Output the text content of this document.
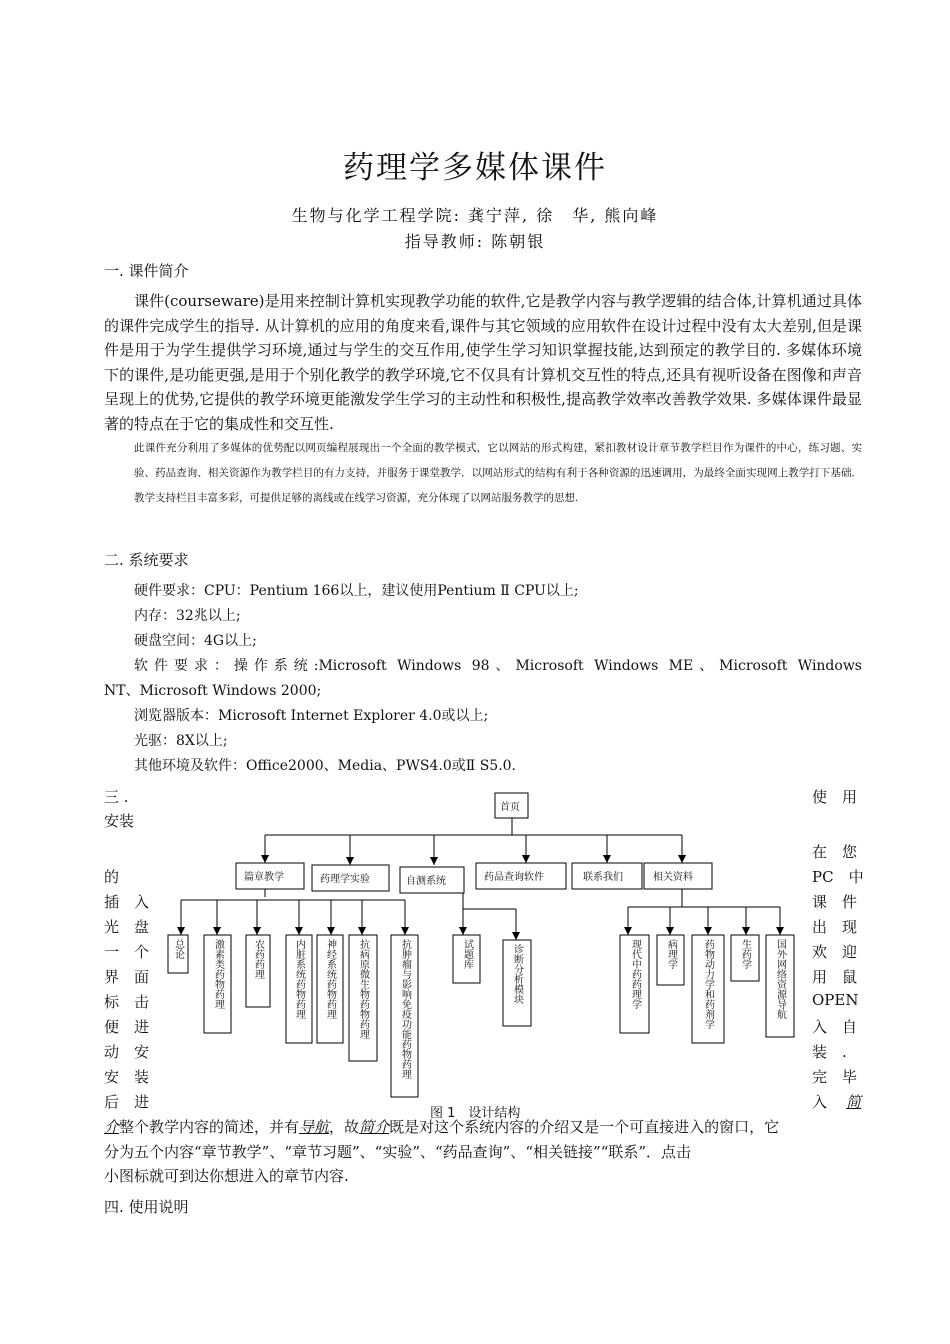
药理学多媒体课件
生物与化学工程学院: 龚宁萍, 徐　华, 熊向峰
指导教师: 陈朝银
一. 课件简介
课件(courseware)是用来控制计算机实现教学功能的软件,它是教学内容与教学逻辑的结合体,计算机通过具体的课件完成学生的指导. 从计算机的应用的角度来看,课件与其它领域的应用软件在设计过程中没有太大差别,但是课件是用于为学生提供学习环境,通过与学生的交互作用,使学生学习知识掌握技能,达到预定的教学目的. 多媒体环境下的课件,是功能更强,是用于个别化教学的教学环境,它不仅具有计算机交互性的特点,还具有视听设备在图像和声音呈现上的优势,它提供的教学环境更能激发学生学习的主动性和积极性,提高教学效率改善教学效果. 多媒体课件最显著的特点在于它的集成性和交互性.
此课件充分利用了多媒体的优势配以网页编程展现出一个全面的教学模式，它以网站的形式构建，紧扣教材设计章节教学栏目作为课件的中心，练习题、实验、药品查询、相关资源作为教学栏目的有力支持，并服务于课堂教学．以网站形式的结构有利于各种资源的迅速调用，为最终全面实现网上教学打下基础．教学支持栏目丰富多彩，可提供足够的离线或在线学习资源，充分体现了以网站服务教学的思想.
二. 系统要求
硬件要求：CPU：Pentium 166以上，建议使用Pentium Ⅱ CPU以上;
内存：32兆以上;
硬盘空间：4G以上;
软件要求：操作系统:Microsoft Windows 98、Microsoft Windows ME、Microsoft Windows
NT、Microsoft Windows 2000;
浏览器版本：Microsoft Internet Explorer 4.0或以上;
光驱：8X以上;
其他环境及软件：Office2000、Media、PWS4.0或Ⅱ S5.0.
三 .
安装
的
插　入
光　盘
一　个
界　面
标　击
便　进
动　安
安　装
后　进
使　用
在　您
PC　中
课　件
出　现
欢　迎
用　鼠
OPEN
入　自
装　.
完　毕
入 简
首页
篇章教学	药理学实验	自测系统	药品查询软件	联系我们	相关资料
总论	激素类药物药理	农药药理	内脏系统药物药理 神经系统药物药理 抗病原微生物药物药理	抗肿瘤与影响免疫功能药物药理	试题库	诊断分析模块	现代中药药理学	病理学	药物动力学和药剂学	生药学 国外网络资源导航
图 1　设计结构
介整个教学内容的简述，并有导航，故简介既是对这个系统内容的介绍又是一个可直接进入的窗口，它
分为五个内容“章节教学”、“章节习题”、“实验”、“药品查询”、“相关链接”“联系”．点击
小图标就可到达你想进入的章节内容.
四. 使用说明
